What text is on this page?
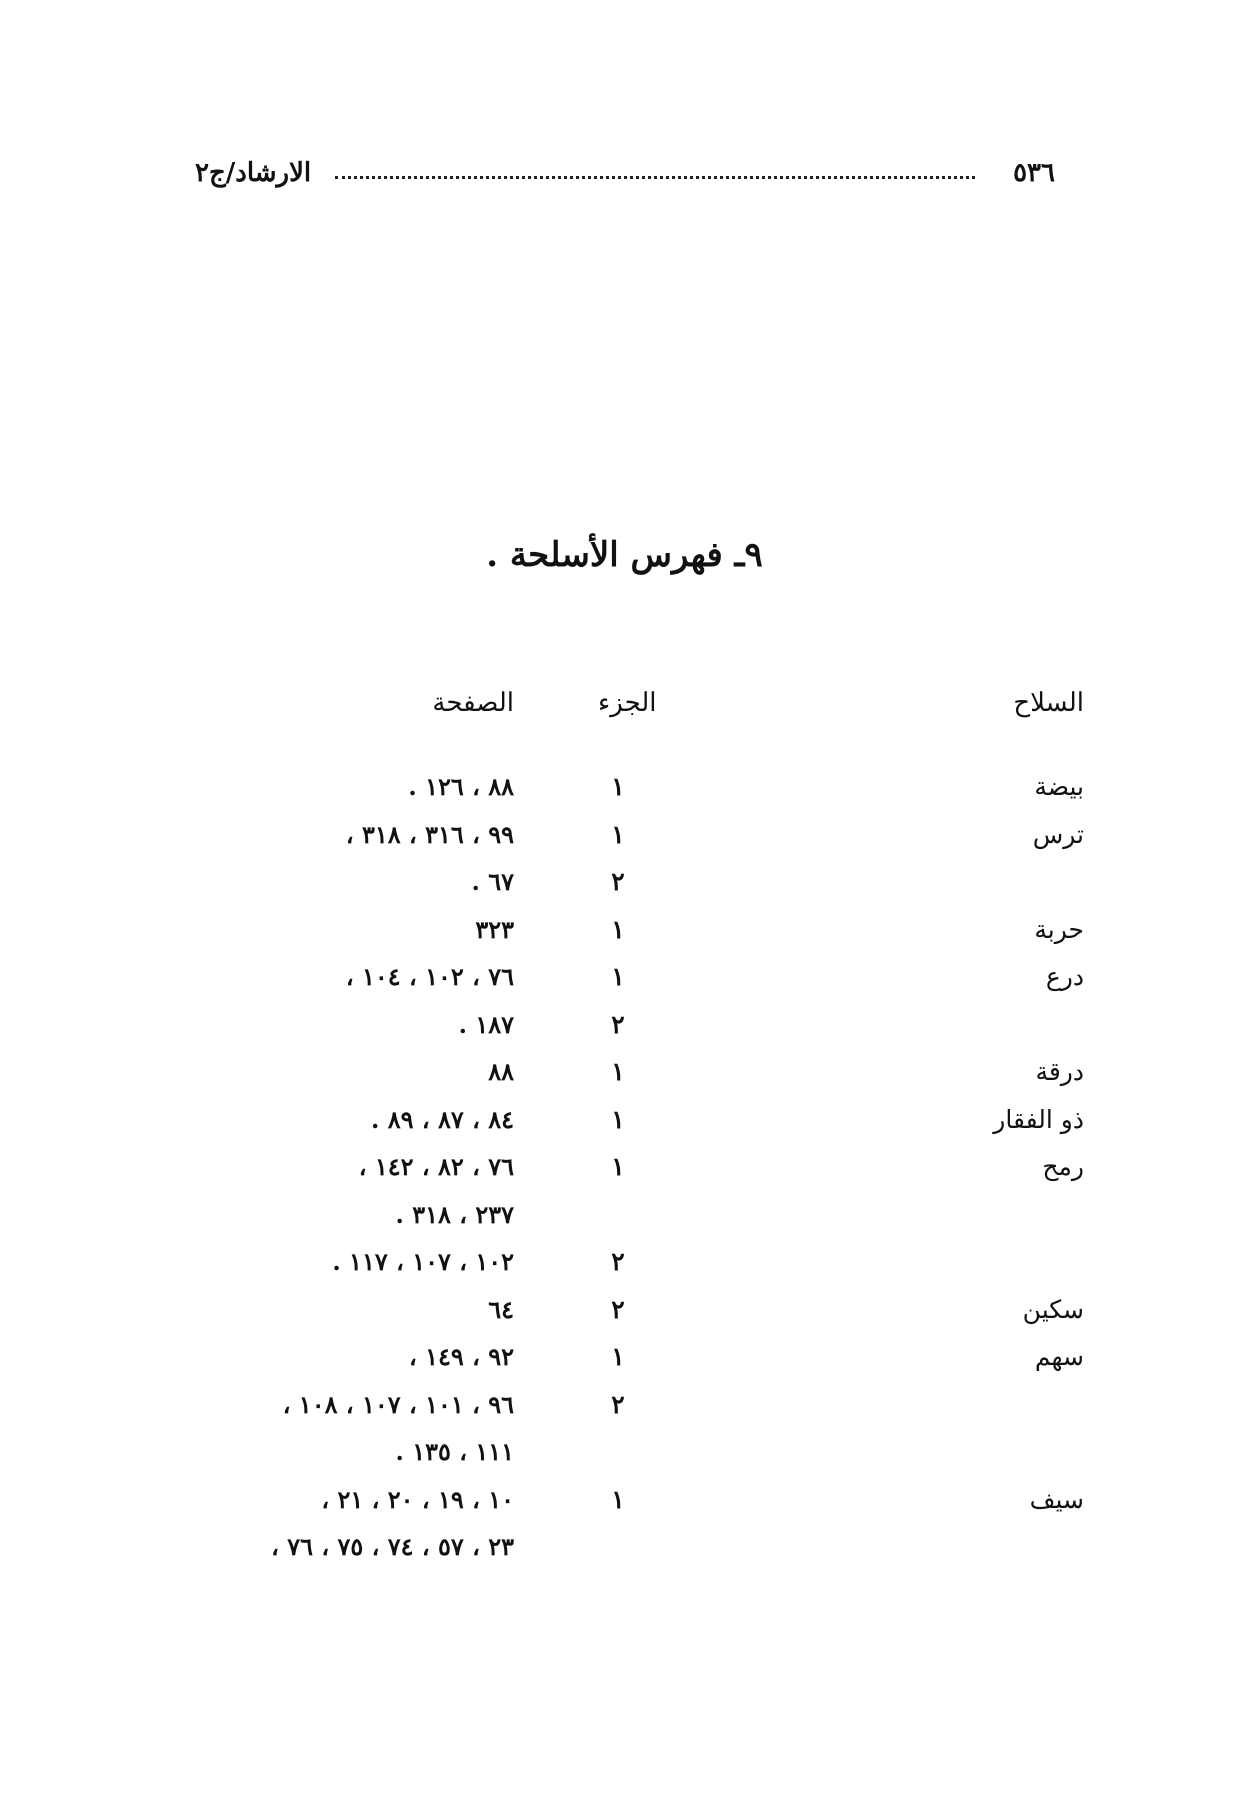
الارشاد/ج٢	٥٣٦
٩ـ فهرس الأسلحة .
السلاح
الجزء
الصفحة
بيضة
١
٨٨ ، ١٢٦ .
ترس
١
٩٩ ، ٣١٦ ، ٣١٨ ،
٢
٦٧ .
حربة
١
٣٢٣
درع
١
٧٦ ، ١٠٢ ، ١٠٤ ،
٢
١٨٧ .
درقة
١
٨٨
ذو الفقار
١
٨٤ ، ٨٧ ، ٨٩ .
رمح
١
٧٦ ، ٨٢ ، ١٤٢ ،
٢٣٧ ، ٣١٨ .
٢
١٠٢ ، ١٠٧ ، ١١٧ .
سكين
٢
٦٤
سهم
١
٩٢ ، ١٤٩ ،
٢
٩٦ ، ١٠١ ، ١٠٧ ، ١٠٨ ،
١١١ ، ١٣٥ .
سيف
١
١٠ ، ١٩ ، ٢٠ ، ٢١ ،
٢٣ ، ٥٧ ، ٧٤ ، ٧٥ ، ٧٦ ،
